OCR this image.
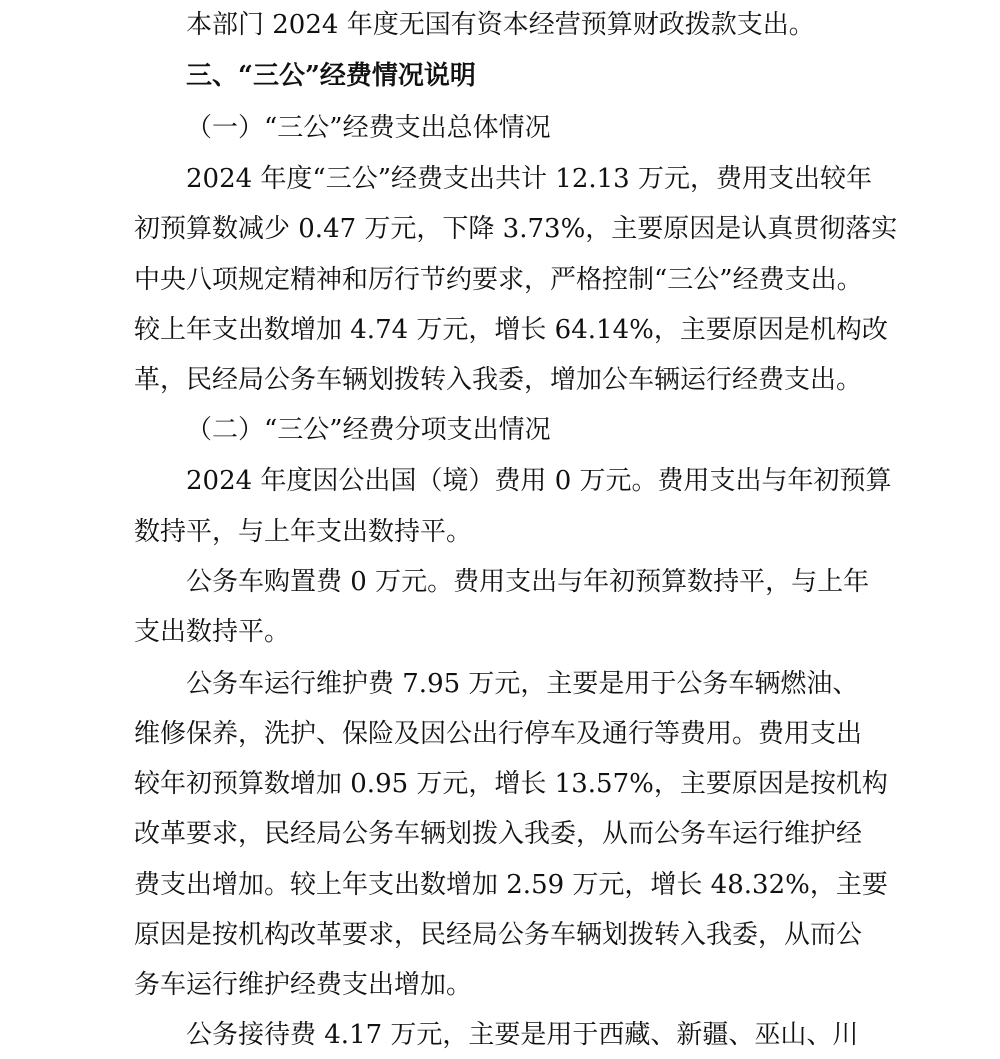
本部门 2024 年度无国有资本经营预算财政拨款支出。
三、“三公”经费情况说明
（一）“三公”经费支出总体情况
2024 年度“三公”经费支出共计 12.13 万元，费用支出较年
初预算数减少 0.47 万元，下降 3.73%，主要原因是认真贯彻落实
中央八项规定精神和厉行节约要求，严格控制“三公”经费支出。
较上年支出数增加 4.74 万元，增长 64.14%，主要原因是机构改
革，民经局公务车辆划拨转入我委，增加公车辆运行经费支出。
（二）“三公”经费分项支出情况
2024 年度因公出国（境）费用 0 万元。费用支出与年初预算
数持平，与上年支出数持平。
公务车购置费 0 万元。费用支出与年初预算数持平，与上年
支出数持平。
公务车运行维护费 7.95 万元，主要是用于公务车辆燃油、
维修保养，洗护、保险及因公出行停车及通行等费用。费用支出
较年初预算数增加 0.95 万元，增长 13.57%，主要原因是按机构
改革要求，民经局公务车辆划拨入我委，从而公务车运行维护经
费支出增加。较上年支出数增加 2.59 万元，增长 48.32%，主要
原因是按机构改革要求，民经局公务车辆划拨转入我委，从而公
务车运行维护经费支出增加。
公务接待费 4.17 万元，主要是用于西藏、新疆、巫山、川
